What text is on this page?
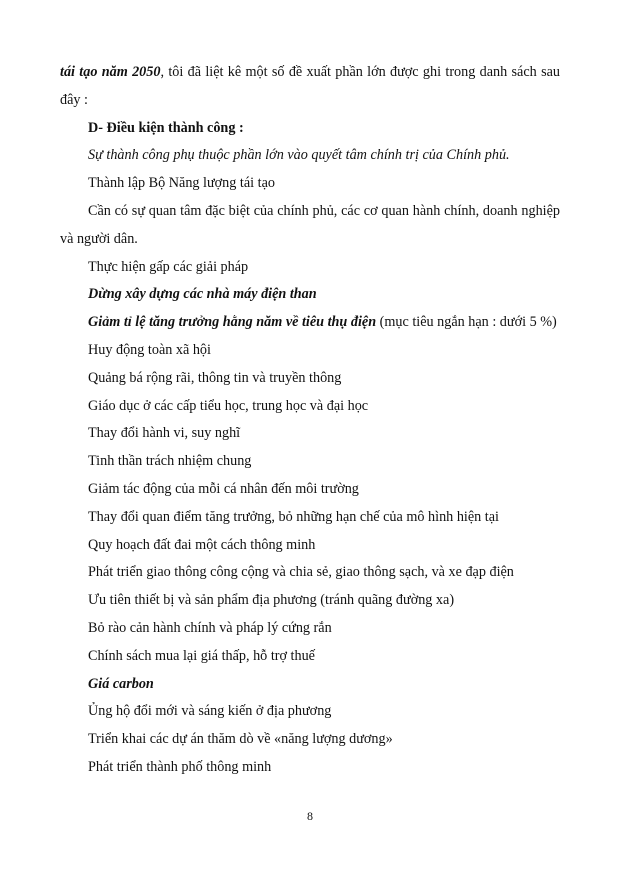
tái tạo năm 2050, tôi đã liệt kê một số đề xuất phần lớn được ghi trong danh sách sau đây :

D- Điều kiện thành công :

Sự thành công phụ thuộc phần lớn vào quyết tâm chính trị của Chính phủ.

Thành lập Bộ Năng lượng tái tạo

Cần có sự quan tâm đặc biệt của chính phủ, các cơ quan hành chính, doanh nghiệp và người dân.

Thực hiện gấp các giải pháp

Dừng xây dựng các nhà máy điện than

Giảm tỉ lệ tăng trưởng hằng năm về tiêu thụ điện (mục tiêu ngắn hạn : dưới 5 %)

Huy động toàn xã hội

Quảng bá rộng rãi, thông tin và truyền thông

Giáo dục ở các cấp tiểu học, trung học và đại học

Thay đổi hành vi, suy nghĩ

Tinh thần trách nhiệm chung

Giảm tác động của mỗi cá nhân đến môi trường

Thay đổi quan điểm tăng trưởng, bỏ những hạn chế của mô hình hiện tại

Quy hoạch đất đai một cách thông minh

Phát triển giao thông công cộng và chia sẻ, giao thông sạch, và xe đạp điện

Ưu tiên thiết bị và sản phẩm địa phương (tránh quãng đường xa)

Bỏ rào cản hành chính và pháp lý cứng rắn

Chính sách mua lại giá thấp, hỗ trợ thuế

Giá carbon

Ủng hộ đổi mới và sáng kiến ở địa phương

Triển khai các dự án thăm dò về «năng lượng dương»

Phát triển thành phố thông minh

8
